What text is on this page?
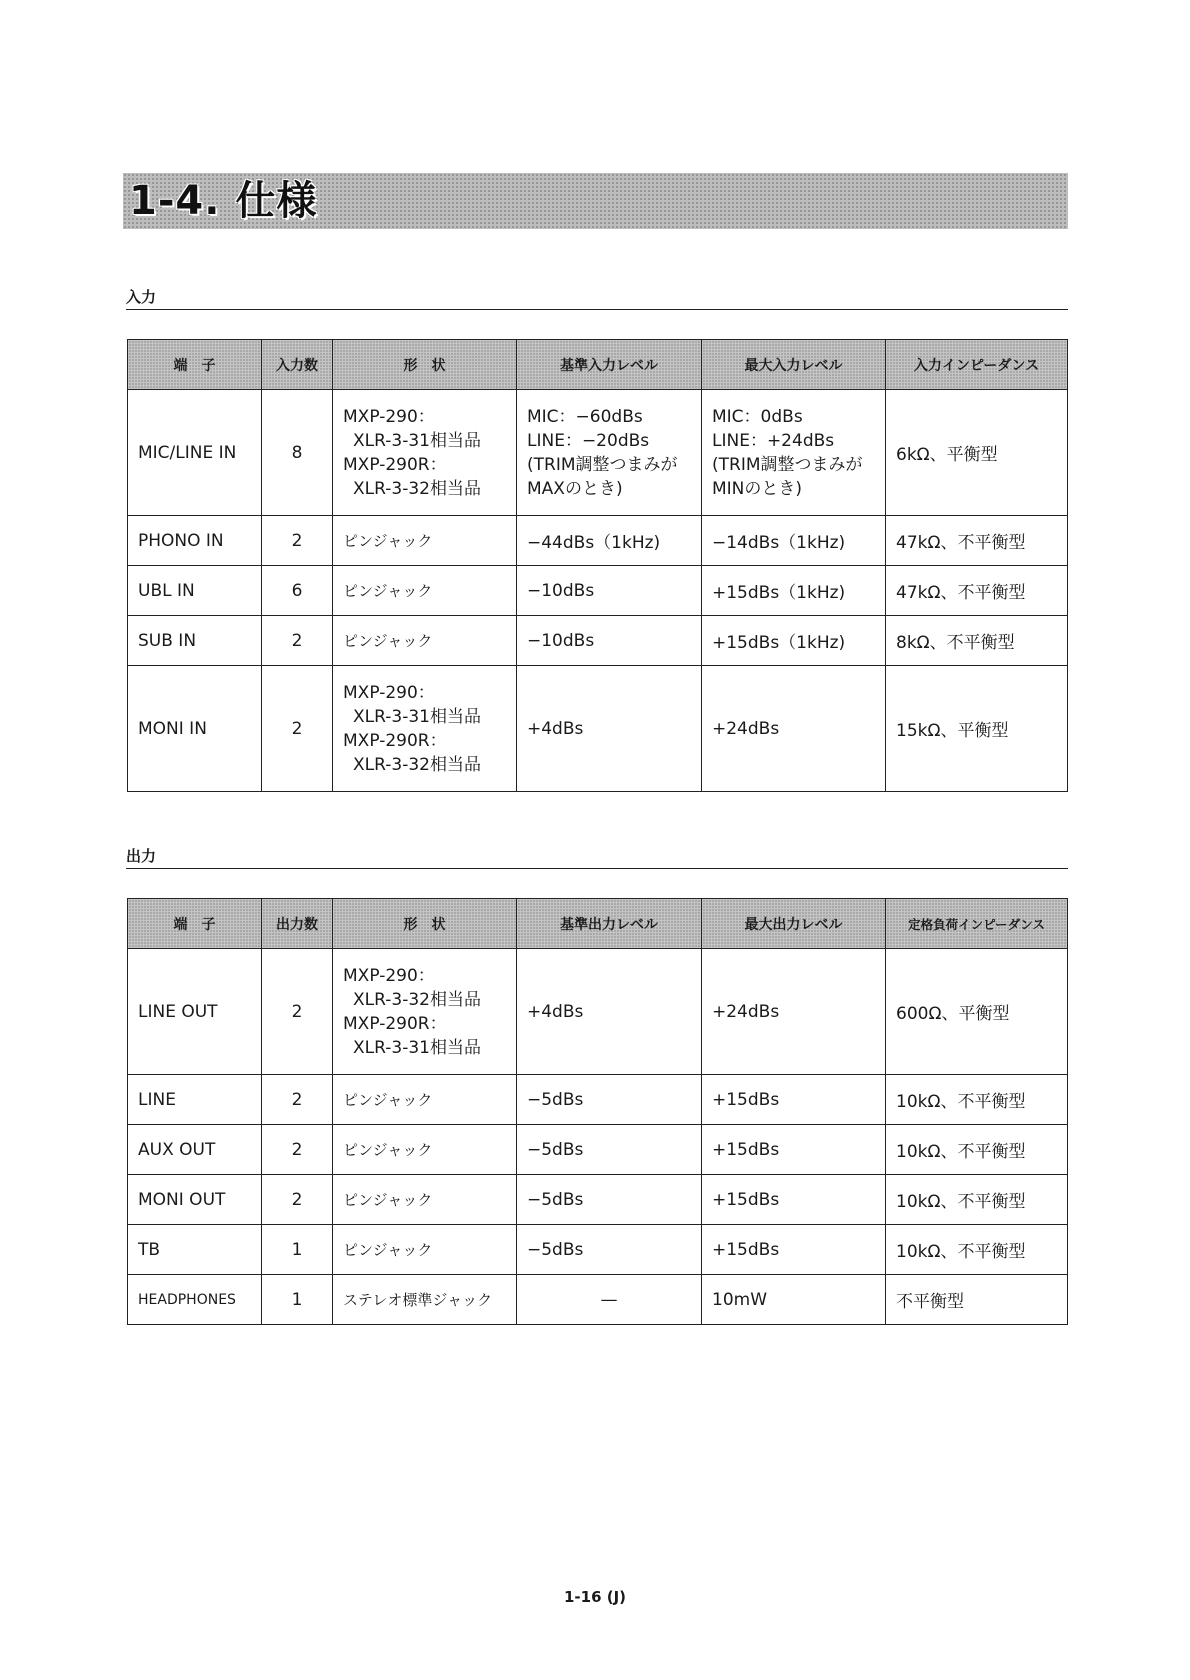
1-4. 仕様
入力
端　子	入力数	形　状	基準入力レベル	最大入力レベル	入力インピーダンス
MIC/LINE IN	8	MXP-290：
XLR-3-31相当品
MXP-290R：
XLR-3-32相当品	MIC：−60dBs
LINE：−20dBs
(TRIM調整つまみが
MAXのとき)	MIC：0dBs
LINE：+24dBs
(TRIM調整つまみが
MINのとき)	6kΩ、平衡型
PHONO IN	2	ピンジャック	−44dBs（1kHz)	−14dBs（1kHz)	47kΩ、不平衡型
UBL IN	6	ピンジャック	−10dBs	+15dBs（1kHz)	47kΩ、不平衡型
SUB IN	2	ピンジャック	−10dBs	+15dBs（1kHz)	8kΩ、不平衡型
MONI IN	2	MXP-290：
XLR-3-31相当品
MXP-290R：
XLR-3-32相当品	+4dBs	+24dBs	15kΩ、平衡型
出力
端　子	出力数	形　状	基準出力レベル	最大出力レベル	定格負荷インピーダンス
LINE OUT	2	MXP-290：
XLR-3-32相当品
MXP-290R：
XLR-3-31相当品	+4dBs	+24dBs	600Ω、平衡型
LINE	2	ピンジャック	−5dBs	+15dBs	10kΩ、不平衡型
AUX OUT	2	ピンジャック	−5dBs	+15dBs	10kΩ、不平衡型
MONI OUT	2	ピンジャック	−5dBs	+15dBs	10kΩ、不平衡型
TB	1	ピンジャック	−5dBs	+15dBs	10kΩ、不平衡型
HEADPHONES	1	ステレオ標準ジャック	—	10mW	不平衡型
1-16 (J)
